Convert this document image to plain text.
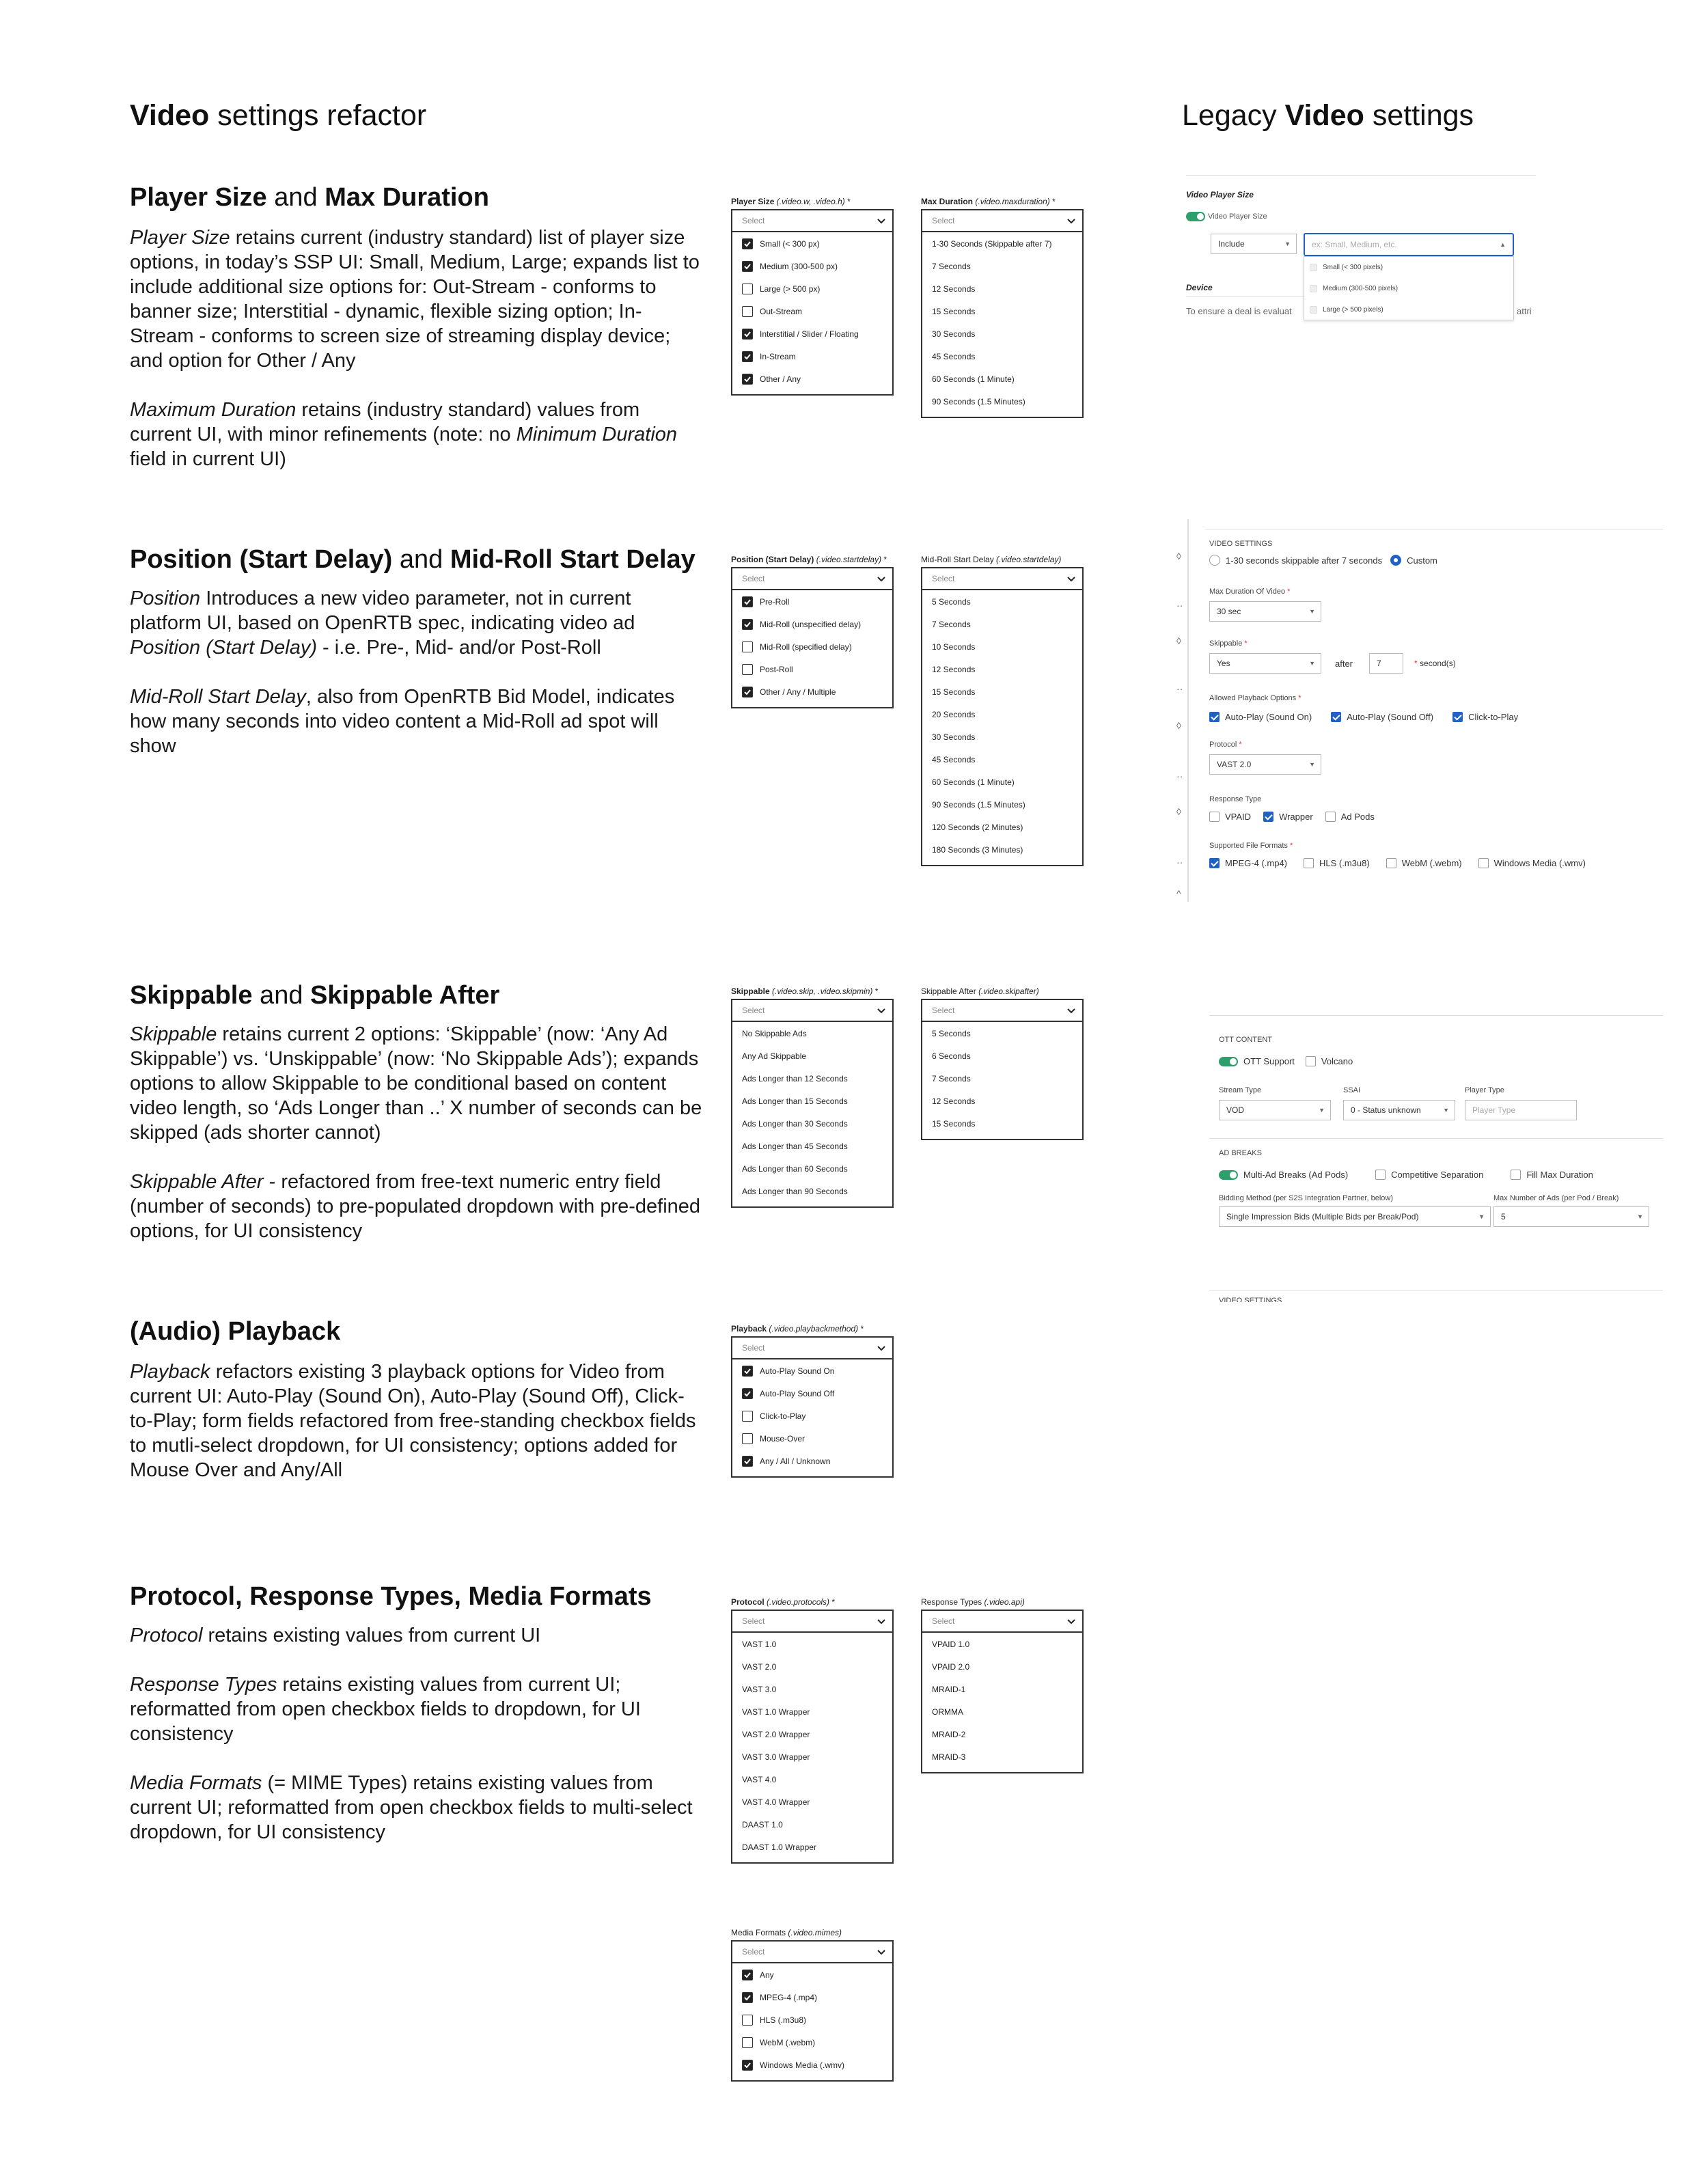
Video settings refactor	Legacy Video settings
Player Size and Max Duration

Player Size retains current (industry standard) list of player size options, in today’s SSP UI: Small, Medium, Large; expands list to include additional size options for: Out-Stream - conforms to banner size; Interstitial - dynamic, flexible sizing option; In-Stream - conforms to screen size of streaming display device; and option for Other / Any

Maximum Duration retains (industry standard) values from current UI, with minor refinements (note: no Minimum Duration field in current UI)

Position (Start Delay) and Mid-Roll Start Delay

Position Introduces a new video parameter, not in current platform UI, based on OpenRTB spec, indicating video ad Position (Start Delay) - i.e. Pre-, Mid- and/or Post-Roll

Mid-Roll Start Delay, also from OpenRTB Bid Model, indicates how many seconds into video content a Mid-Roll ad spot will show

Skippable and Skippable After

Skippable retains current 2 options: ‘Skippable’ (now: ‘Any Ad Skippable’) vs. ‘Unskippable’ (now: ‘No Skippable Ads’); expands options to allow Skippable to be conditional based on content video length, so ‘Ads Longer than ..’ X number of seconds can be skipped (ads shorter cannot)

Skippable After - refactored from free-text numeric entry field (number of seconds) to pre-populated dropdown with pre-defined options, for UI consistency

(Audio) Playback

Playback refactors existing 3 playback options for Video from current UI: Auto-Play (Sound On), Auto-Play (Sound Off), Click-to-Play; form fields refactored from free-standing checkbox fields to mutli-select dropdown, for UI consistency; options added for Mouse Over and Any/All

Protocol, Response Types, Media Formats

Protocol retains existing values from current UI

Response Types retains existing values from current UI; reformatted from open checkbox fields to dropdown, for UI consistency

Media Formats (= MIME Types) retains existing values from current UI; reformatted from open checkbox fields to multi-select dropdown, for UI consistency

Player Size (.video.w, .video.h) *
Select
Small (< 300 px)
Medium (300-500 px)
Large (> 500 px)
Out-Stream
Interstitial / Slider / Floating
In-Stream
Other / Any
Max Duration (.video.maxduration) *
Select
1-30 Seconds (Skippable after 7)
7 Seconds
12 Seconds
15 Seconds
30 Seconds
45 Seconds
60 Seconds (1 Minute)
90 Seconds (1.5 Minutes)
Position (Start Delay) (.video.startdelay) *
Select
Pre-Roll
Mid-Roll (unspecified delay)
Mid-Roll (specified delay)
Post-Roll
Other / Any / Multiple
Mid-Roll Start Delay (.video.startdelay)
Select
5 Seconds
7 Seconds
10 Seconds
12 Seconds
15 Seconds
20 Seconds
30 Seconds
45 Seconds
60 Seconds (1 Minute)
90 Seconds (1.5 Minutes)
120 Seconds (2 Minutes)
180 Seconds (3 Minutes)
Skippable (.video.skip, .video.skipmin) *
Select
No Skippable Ads
Any Ad Skippable
Ads Longer than 12 Seconds
Ads Longer than 15 Seconds
Ads Longer than 30 Seconds
Ads Longer than 45 Seconds
Ads Longer than 60 Seconds
Ads Longer than 90 Seconds
Skippable After (.video.skipafter)
Select
5 Seconds
6 Seconds
7 Seconds
12 Seconds
15 Seconds
Playback (.video.playbackmethod) *
Select
Auto-Play Sound On
Auto-Play Sound Off
Click-to-Play
Mouse-Over
Any / All / Unknown
Protocol (.video.protocols) *
Select
VAST 1.0
VAST 2.0
VAST 3.0
VAST 1.0 Wrapper
VAST 2.0 Wrapper
VAST 3.0 Wrapper
VAST 4.0
VAST 4.0 Wrapper
DAAST 1.0
DAAST 1.0 Wrapper
Response Types (.video.api)
Select
VPAID 1.0
VPAID 2.0
MRAID-1
ORMMA
MRAID-2
MRAID-3
Media Formats (.video.mimes)
Select
Any
MPEG-4 (.mp4)
HLS (.m3u8)
WebM (.webm)
Windows Media (.wmv)
Video Player Size
Video Player Size
Include	▼	ex: Small, Medium, etc.	▲
Small (< 300 pixels)
Medium (300-500 pixels)
Large (> 500 pixels)
Device
To ensure a deal is evaluat	attri
◊
··
◊
··
◊
··
◊
··
^
VIDEO SETTINGS
1-30 seconds skippable after 7 seconds	Custom
Max Duration Of Video *
30 sec	▼
Skippable *
Yes	▼ after	7	* second(s)
Allowed Playback Options *
Auto-Play (Sound On)	Auto-Play (Sound Off)	Click-to-Play
Protocol *
VAST 2.0	▼
Response Type
VPAID	Wrapper	Ad Pods
Supported File Formats *
MPEG-4 (.mp4)	HLS (.m3u8)	WebM (.webm)	Windows Media (.wmv)
OTT CONTENT
OTT Support	Volcano
Stream Type
VOD	▼
SSAI
0 - Status unknown	▼
Player Type
Player Type
AD BREAKS
Multi-Ad Breaks (Ad Pods)	Competitive Separation	Fill Max Duration
Bidding Method (per S2S Integration Partner, below)
Single Impression Bids (Multiple Bids per Break/Pod)	▼
Max Number of Ads (per Pod / Break)
5	▼
VIDEO SETTINGS
